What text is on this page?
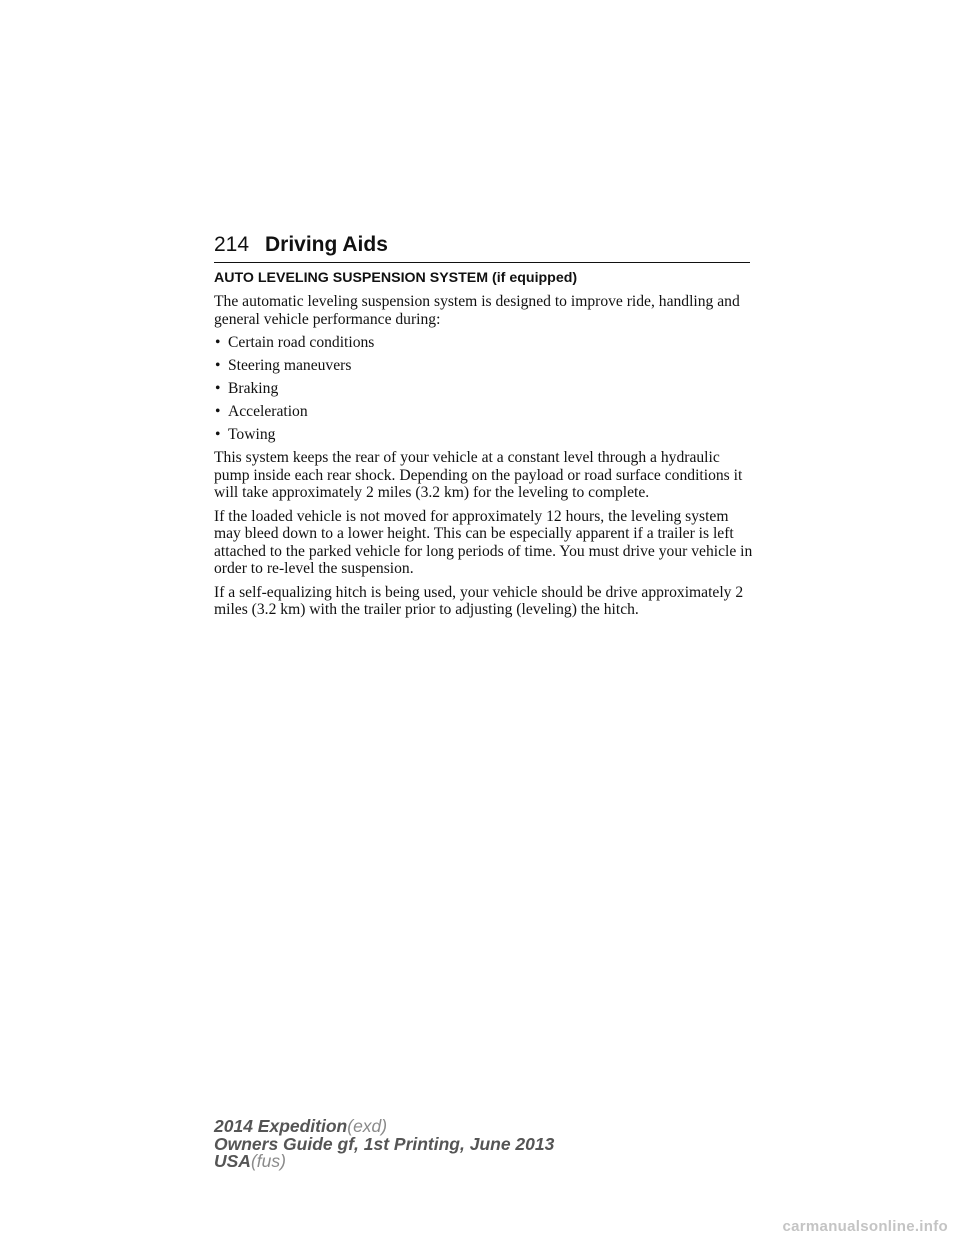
214 Driving Aids
AUTO LEVELING SUSPENSION SYSTEM (if equipped)

The automatic leveling suspension system is designed to improve ride, handling and general vehicle performance during:

• Certain road conditions
• Steering maneuvers
• Braking
• Acceleration
• Towing

This system keeps the rear of your vehicle at a constant level through a hydraulic pump inside each rear shock. Depending on the payload or road surface conditions it will take approximately 2 miles (3.2 km) for the leveling to complete.

If the loaded vehicle is not moved for approximately 12 hours, the leveling system may bleed down to a lower height. This can be especially apparent if a trailer is left attached to the parked vehicle for long periods of time. You must drive your vehicle in order to re-level the suspension.

If a self-equalizing hitch is being used, your vehicle should be drive approximately 2 miles (3.2 km) with the trailer prior to adjusting (leveling) the hitch.

2014 Expedition(exd)
Owners Guide gf, 1st Printing, June 2013
USA(fus)
carmanualsonline.info
